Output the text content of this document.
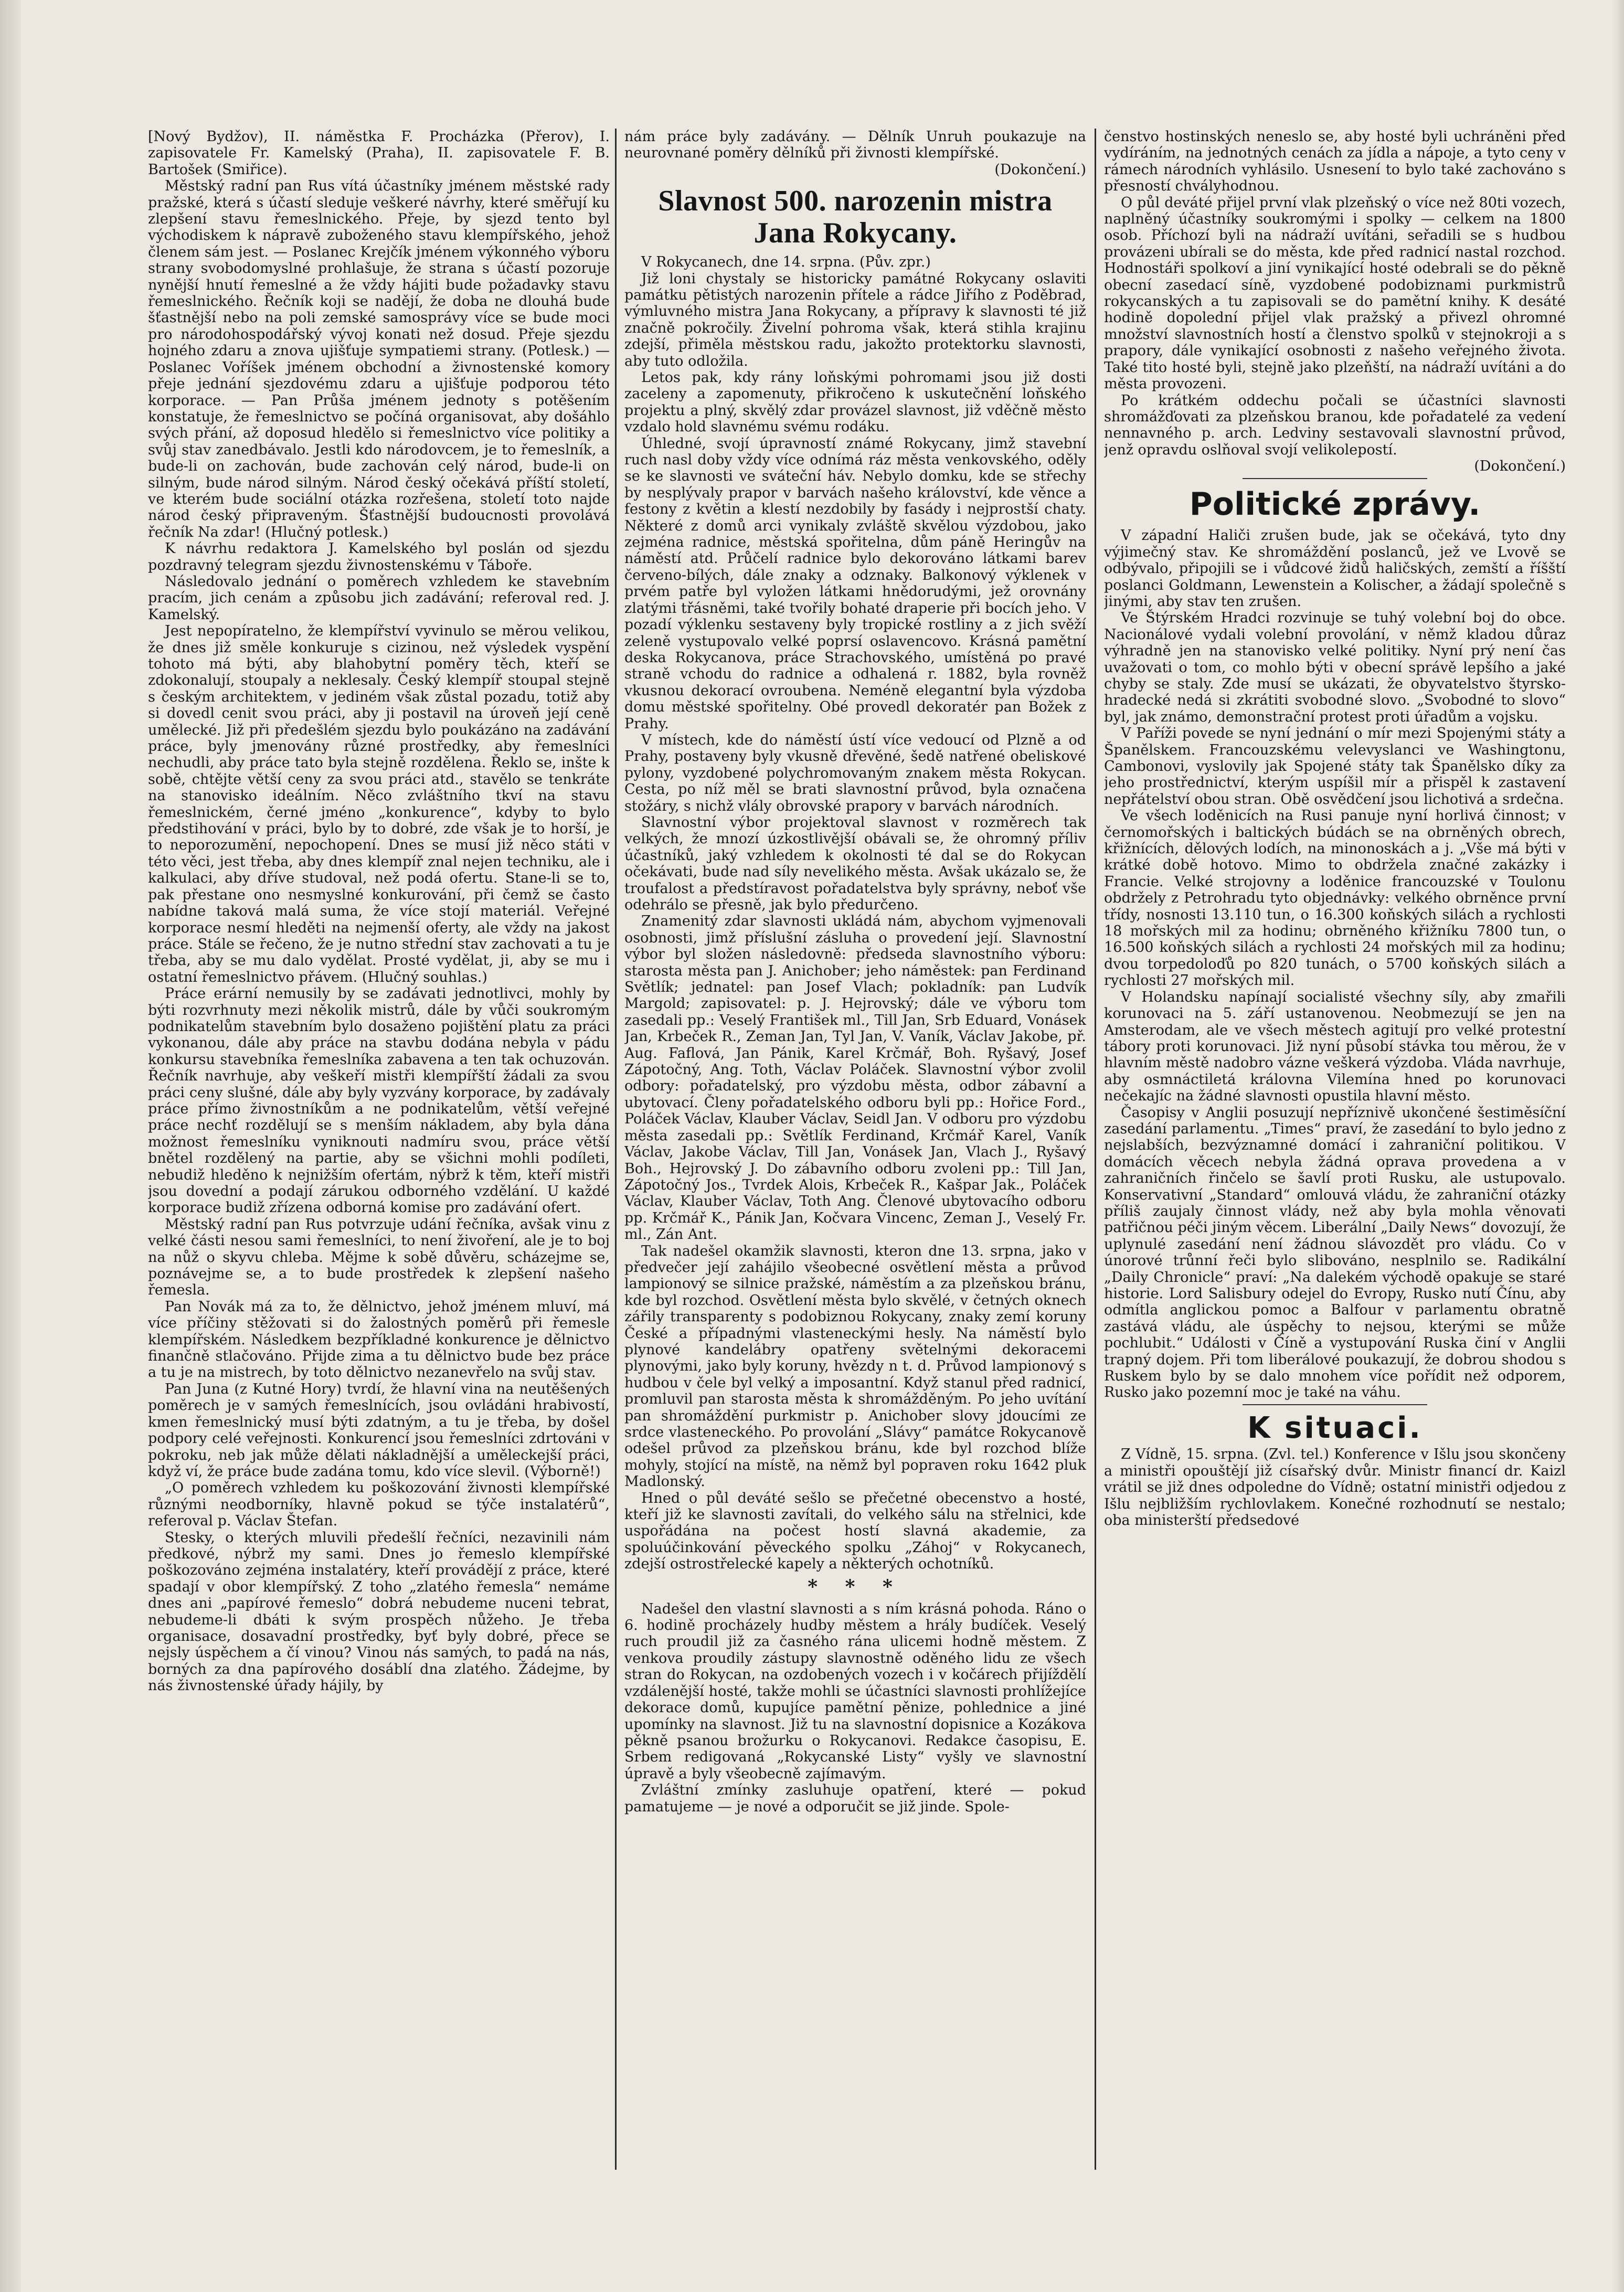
[Nový Bydžov), II. náměstka F. Procházka (Přerov), I. zapisovatele Fr. Kamelský (Praha), II. zapisovatele F. B. Bartošek (Smiřice).

Městský radní pan Rus vítá účastníky jménem městské rady pražské, která s účastí sleduje veškeré návrhy, které směřují ku zlepšení stavu řemeslnického. Přeje, by sjezd tento byl východiskem k nápravě zuboženého stavu klempířského, jehož členem sám jest. — Poslanec Krejčík jménem výkonného výboru strany svobodomyslné prohlašuje, že strana s účastí pozoruje nynější hnutí řemeslné a že vždy hájiti bude požadavky stavu řemeslnického. Řečník koji se nadějí, že doba ne dlouhá bude šťastnější nebo na poli zemské samosprávy více se bude moci pro národohospodářský vývoj konati než dosud. Přeje sjezdu hojného zdaru a znova ujišťuje sympatiemi strany. (Potlesk.) — Poslanec Voříšek jménem obchodní a živnostenské komory přeje jednání sjezdovému zdaru a ujišťuje podporou této korporace. — Pan Průša jménem jednoty s potěšením konstatuje, že řemeslnictvo se počíná organisovat, aby došáhlo svých přání, až doposud hledělo si řemeslnictvo více politiky a svůj stav zanedbávalo. Jestli kdo národovcem, je to řemeslník, a bude-li on zachován, bude zachován celý národ, bude-li on silným, bude národ silným. Národ český očekává příští století, ve kterém bude sociální otázka rozřešena, století toto najde národ český připraveným. Šťastnější budoucnosti provolává řečník Na zdar! (Hlučný potlesk.)

K návrhu redaktora J. Kamelského byl poslán od sjezdu pozdravný telegram sjezdu živnostenskému v Táboře.

Následovalo jednání o poměrech vzhledem ke stavebním pracím, jich cenám a způsobu jich zadávání; referoval red. J. Kamelský.

Jest nepopíratelno, že klempířství vyvinulo se měrou velikou, že dnes již směle konkuruje s cizinou, než výsledek vyspění tohoto má býti, aby blahobytní poměry těch, kteří se zdokonalují, stoupaly a neklesaly. Český klempíř stoupal stejně s českým architektem, v jediném však zůstal pozadu, totiž aby si dovedl cenit svou práci, aby ji postavil na úroveň její ceně umělecké. Již při předešlém sjezdu bylo poukázáno na zadávání práce, byly jmenovány různé prostředky, aby řemeslníci nechudli, aby práce tato byla stejně rozdělena. Řeklo se, inšte k sobě, chtějte větší ceny za svou práci atd., stavělo se tenkráte na stanovisko ideálním. Něco zvláštního tkví na stavu řemeslnickém, černé jméno „konkurence“, kdyby to bylo předstihování v práci, bylo by to dobré, zde však je to horší, je to neporozumění, nepochopení. Dnes se musí již něco státi v této věci, jest třeba, aby dnes klempíř znal nejen techniku, ale i kalkulaci, aby dříve studoval, než podá ofertu. Stane-li se to, pak přestane ono nesmyslné konkurování, při čemž se často nabídne taková malá suma, že více stojí materiál. Veřejné korporace nesmí hleděti na nejmenší oferty, ale vždy na jakost práce. Stále se řečeno, že je nutno střední stav zachovati a tu je třeba, aby se mu dalo vydělat. Prosté vydělat, ji, aby se mu i ostatní řemeslnictvo přávem. (Hlučný souhlas.)

Práce erární nemusily by se zadávati jednotlivci, mohly by býti rozvrhnuty mezi několik mistrů, dále by vůči soukromým podnikatelům stavebním bylo dosaženo pojištění platu za práci vykonanou, dále aby práce na stavbu dodána nebyla v pádu konkursu stavebníka řemeslníka zabavena a ten tak ochuzován. Řečník navrhuje, aby veškeří mistři klempířští žádali za svou práci ceny slušné, dále aby byly vyzvány korporace, by zadávaly práce přímo živnostníkům a ne podnikatelům, větší veřejné práce nechť rozdělují se s menším nákladem, aby byla dána možnost řemeslníku vyniknouti nadmíru svou, práce větší bnětel rozdělený na partie, aby se všichni mohli podíleti, nebudiž hleděno k nejnižším ofertám, nýbrž k těm, kteří mistři jsou dovední a podají zárukou odborného vzdělání. U každé korporace budiž zřízena odborná komise pro zadávání ofert.

Městský radní pan Rus potvrzuje udání řečníka, avšak vinu z velké části nesou sami řemeslníci, to není živoření, ale je to boj na nůž o skyvu chleba. Mějme k sobě důvěru, scházejme se, poznávejme se, a to bude prostředek k zlepšení našeho řemesla.

Pan Novák má za to, že dělnictvo, jehož jménem mluví, má více příčiny stěžovati si do žalostných poměrů při řemesle klempířském. Následkem bezpříkladné konkurence je dělnictvo finančně stlačováno. Přijde zima a tu dělnictvo bude bez práce a tu je na mistrech, by toto dělnictvo nezanevřelo na svůj stav.

Pan Juna (z Kutné Hory) tvrdí, že hlavní vina na neutěšených poměrech je v samých řemeslnících, jsou ovládáni hrabivostí, kmen řemeslnický musí býti zdatným, a tu je třeba, by došel podpory celé veřejnosti. Konkurencí jsou řemeslníci zdrtováni v pokroku, neb jak může dělati nákladnější a uměleckejší práci, když ví, že práce bude zadána tomu, kdo více slevil. (Výborně!)

„O poměrech vzhledem ku poškozování živnosti klempířské různými neodborníky, hlavně pokud se týče instalatérů“, referoval p. Václav Štefan.

Stesky, o kterých mluvili předešlí řečníci, nezavinili nám předkové, nýbrž my sami. Dnes jo řemeslo klempířské poškozováno zejména instalatéry, kteří provádějí z práce, které spadají v obor klempířský. Z toho „zlatého řemesla“ nemáme dnes ani „papírové řemeslo“ dobrá nebudeme nuceni tebrat, nebudeme-li dbáti k svým prospěch nůžeho. Je třeba organisace, dosavadní prostředky, byť byly dobré, přece se nejsly úspěchem a čí vinou? Vinou nás samých, to padá na nás, borných za dna papírového dosáblí dna zlatého. Žádejme, by nás živnostenské úřady hájily, by

nám práce byly zadávány. — Dělník Unruh poukazuje na neurovnané poměry dělníků při živnosti klempířské.

(Dokončení.)

Slavnost 500. narozenin mistra Jana Rokycany.

V Rokycanech, dne 14. srpna. (Pův. zpr.)

Již loni chystaly se historicky památné Rokycany oslaviti památku pětistých narozenin přítele a rádce Jiřího z Poděbrad, výmluvného mistra Jana Rokycany, a přípravy k slavnosti té již značně pokročily. Živelní pohroma však, která stihla krajinu zdejší, přiměla městskou radu, jakožto protektorku slavnosti, aby tuto odložila.

Letos pak, kdy rány loňskými pohromami jsou již dosti zaceleny a zapomenuty, přikročeno k uskutečnění loňského projektu a plný, skvělý zdar provázel slavnost, již vděčně město vzdalo hold slavnému svému rodáku.

Úhledné, svojí úpravností známé Rokycany, jimž stavební ruch nasl doby vždy více odnímá ráz města venkovského, oděly se ke slavnosti ve sváteční háv. Nebylo domku, kde se střechy by nesplývaly prapor v barvách našeho království, kde věnce a festony z květin a klestí nezdobily by fasády i nejprostší chaty. Některé z domů arci vynikaly zvláště skvělou výzdobou, jako zejména radnice, městská spořitelna, dům páně Heringův na náměstí atd. Průčelí radnice bylo dekorováno látkami barev červeno-bílých, dále znaky a odznaky. Balkonový výklenek v prvém patře byl vyložen látkami hnědorudými, jež orovnány zlatými třásněmi, také tvořily bohaté draperie při bocích jeho. V pozadí výklenku sestaveny byly tropické rostliny a z jich svěží zeleně vystupovalo velké poprsí oslavencovo. Krásná pamětní deska Rokycanova, práce Strachovského, umístěná po pravé straně vchodu do radnice a odhalená r. 1882, byla rovněž vkusnou dekorací ovroubena. Neméně elegantní byla výzdoba domu městské spořitelny. Obé provedl dekoratér pan Božek z Prahy.

V místech, kde do náměstí ústí více vedoucí od Plzně a od Prahy, postaveny byly vkusně dřevěné, šedě natřené obeliskové pylony, vyzdobené polychromovaným znakem města Rokycan. Cesta, po níž měl se brati slavnostní průvod, byla označena stožáry, s nichž vlály obrovské prapory v barvách národních.

Slavnostní výbor projektoval slavnost v rozměrech tak velkých, že mnozí úzkostlivější obávali se, že ohromný příliv účastníků, jaký vzhledem k okolnosti té dal se do Rokycan očekávati, bude nad síly nevelikého města. Avšak ukázalo se, že troufalost a předstíravost pořadatelstva byly správny, neboť vše odehrálo se přesně, jak bylo předurčeno.

Znamenitý zdar slavnosti ukládá nám, abychom vyjmenovali osobnosti, jimž příslušní zásluha o provedení její. Slavnostní výbor byl složen následovně: předseda slavnostního výboru: starosta města pan J. Anichober; jeho náměstek: pan Ferdinand Světlík; jednatel: pan Josef Vlach; pokladník: pan Ludvík Margold; zapisovatel: p. J. Hejrovský; dále ve výboru tom zasedali pp.: Veselý František ml., Till Jan, Srb Eduard, Vonásek Jan, Krbeček R., Zeman Jan, Tyl Jan, V. Vaník, Václav Jakobe, př. Aug. Faflová, Jan Pánik, Karel Krčmář, Boh. Ryšavý, Josef Zápotočný, Ang. Toth, Václav Poláček. Slavnostní výbor zvolil odbory: pořadatelský, pro výzdobu města, odbor zábavní a ubytovací. Členy pořadatelského odboru byli pp.: Hořice Ford., Poláček Václav, Klauber Václav, Seidl Jan. V odboru pro výzdobu města zasedali pp.: Světlík Ferdinand, Krčmář Karel, Vaník Václav, Jakobe Václav, Till Jan, Vonásek Jan, Vlach J., Ryšavý Boh., Hejrovský J. Do zábavního odboru zvoleni pp.: Till Jan, Zápotočný Jos., Tvrdek Alois, Krbeček R., Kašpar Jak., Poláček Václav, Klauber Václav, Toth Ang. Členové ubytovacího odboru pp. Krčmář K., Pánik Jan, Kočvara Vincenc, Zeman J., Veselý Fr. ml., Zán Ant.

Tak nadešel okamžik slavnosti, kteron dne 13. srpna, jako v předvečer její zahájilo všeobecné osvětlení města a průvod lampionový se silnice pražské, náměstím a za plzeňskou bránu, kde byl rozchod. Osvětlení města bylo skvělé, v četných oknech zářily transparenty s podobiznou Rokycany, znaky zemí koruny České a případnými vlasteneckými hesly. Na náměstí bylo plynové kandelábry opatřeny světelnými dekoracemi plynovými, jako byly koruny, hvězdy n t. d. Průvod lampionový s hudbou v čele byl velký a imposantní. Když stanul před radnicí, promluvil pan starosta města k shromážděným. Po jeho uvítání pan shromáždění purkmistr p. Anichober slovy jdoucími ze srdce vlasteneckého. Po provolání „Slávy“ památce Rokycanově odešel průvod za plzeňskou bránu, kde byl rozchod blíže mohyly, stojící na místě, na němž byl popraven roku 1642 pluk Madlonský.

Hned o půl deváté sešlo se přečetné obecenstvo a hosté, kteří již ke slavnosti zavítali, do velkého sálu na střelnici, kde uspořádána na počest hostí slavná akademie, za spoluúčinkování pěveckého spolku „Záhoj“ v Rokycanech, zdejší ostrostřelecké kapely a některých ochotníků.

* * *

Nadešel den vlastní slavnosti a s ním krásná pohoda. Ráno o 6. hodině procházely hudby městem a hrály budíček. Veselý ruch proudil již za časného rána ulicemi hodně městem. Z venkova proudily zástupy slavnostně oděného lidu ze všech stran do Rokycan, na ozdobených vozech i v kočárech přijíždělí vzdálenější hosté, takže mohli se účastníci slavnosti prohlížejíce dekorace domů, kupujíce pamětní pěnize, pohlednice a jiné upomínky na slavnost. Již tu na slavnostní dopisnice a Kozákova pěkně psanou brožurku o Rokycanovi. Redakce časopisu, E. Srbem redigovaná „Rokycanské Listy“ vyšly ve slavnostní úpravě a byly všeobecně zajímavým.

Zvláštní zmínky zasluhuje opatření, které — pokud pamatujeme — je nové a odporučit se již jinde. Spole-

čenstvo hostinských neneslo se, aby hosté byli uchráněni před vydíráním, na jednotných cenách za jídla a nápoje, a tyto ceny v rámech národních vyhlásilo. Usnesení to bylo také zachováno s přesností chvályhodnou.

O půl deváté přijel první vlak plzeňský o více než 80ti vozech, naplněný účastníky soukromými i spolky — celkem na 1800 osob. Příchozí byli na nádraží uvítáni, seřadili se s hudbou provázeni ubírali se do města, kde před radnicí nastal rozchod. Hodnostáři spolkoví a jiní vynikající hosté odebrali se do pěkně obecní zasedací síně, vyzdobené podobiznami purkmistrů rokycanských a tu zapisovali se do pamětní knihy. K desáté hodině dopolední přijel vlak pražský a přivezl ohromné množství slavnostních hostí a členstvo spolků v stejnokroji a s prapory, dále vynikající osobnosti z našeho veřejného života. Také tito hosté byli, stejně jako plzeňští, na nádraží uvítáni a do města provozeni.

Po krátkém oddechu počali se účastníci slavnosti shromážďovati za plzeňskou branou, kde pořadatelé za vedení nennavného p. arch. Ledviny sestavovali slavnostní průvod, jenž opravdu oslňoval svojí velikolepostí.

(Dokončení.)

Politické zprávy.

V západní Haliči zrušen bude, jak se očekává, tyto dny výjimečný stav. Ke shromáždění poslanců, jež ve Lvově se odbývalo, připojili se i vůdcové židů haličských, zemští a říšští poslanci Goldmann, Lewenstein a Kolischer, a žádají společně s jinými, aby stav ten zrušen.

Ve Štýrském Hradci rozvinuje se tuhý volební boj do obce. Nacionálové vydali volební provolání, v němž kladou důraz výhradně jen na stanovisko velké politiky. Nyní prý není čas uvažovati o tom, co mohlo býti v obecní správě lepšího a jaké chyby se staly. Zde musí se ukázati, že obyvatelstvo štyrsko-hradecké nedá si zkrátiti svobodné slovo. „Svobodné to slovo“ byl, jak známo, demonstrační protest proti úřadům a vojsku.

V Paříži povede se nyní jednání o mír mezi Spojenými státy a Španělskem. Francouzskému velevyslanci ve Washingtonu, Cambonovi, vyslovily jak Spojené státy tak Španělsko díky za jeho prostřednictví, kterým uspíšil mír a přispěl k zastavení nepřátelství obou stran. Obě osvědčení jsou lichotivá a srdečna.

Ve všech loděnicích na Rusi panuje nyní horlivá činnost; v černomořských i baltických búdách se na obrněných obrech, křižnících, dělových lodích, na minonoskách a j. „Vše má býti v krátké době hotovo. Mimo to obdržela značné zakázky i Francie. Velké strojovny a loděnice francouzské v Toulonu obdržely z Petrohradu tyto objednávky: velkého obrněnce první třídy, nosnosti 13.110 tun, o 16.300 koňských silách a rychlosti 18 mořských mil za hodinu; obrněného křižníku 7800 tun, o 16.500 koňských silách a rychlosti 24 mořských mil za hodinu; dvou torpedoloďů po 820 tunách, o 5700 koňských silách a rychlosti 27 mořských mil.

V Holandsku napínají socialisté všechny síly, aby zmařili korunovaci na 5. září ustanovenou. Neobmezují se jen na Amsterodam, ale ve všech městech agitují pro velké protestní tábory proti korunovaci. Již nyní působí stávka tou měrou, že v hlavním městě nadobro vázne veškerá výzdoba. Vláda navrhuje, aby osmnáctiletá královna Vilemína hned po korunovaci nečekajíc na žádné slavnosti opustila hlavní město.

Časopisy v Anglii posuzují nepříznivě ukončené šestiměsíční zasedání parlamentu. „Times“ praví, že zasedání to bylo jedno z nejslabších, bezvýznamné domácí i zahraniční politikou. V domácích věcech nebyla žádná oprava provedena a v zahraničních řinčelo se šavlí proti Rusku, ale ustupovalo. Konservativní „Standard“ omlouvá vládu, že zahraniční otázky příliš zaujaly činnost vlády, než aby byla mohla věnovati patřičnou péči jiným věcem. Liberální „Daily News“ dovozují, že uplynulé zasedání není žádnou slávozdět pro vládu. Co v únorové trůnní řeči bylo slibováno, nesplnilo se. Radikální „Daily Chronicle“ praví: „Na dalekém východě opakuje se staré historie. Lord Salisbury odejel do Evropy, Rusko nutí Čínu, aby odmítla anglickou pomoc a Balfour v parlamentu obratně zastává vládu, ale úspěchy to nejsou, kterými se může pochlubit.“ Události v Číně a vystupování Ruska činí v Anglii trapný dojem. Při tom liberálové poukazují, že dobrou shodou s Ruskem bylo by se dalo mnohem více pořídit než odporem, Rusko jako pozemní moc je také na váhu.

K situaci.

Z Vídně, 15. srpna. (Zvl. tel.) Konference v Išlu jsou skončeny a ministři opouštějí již císařský dvůr. Ministr financí dr. Kaizl vrátil se již dnes odpoledne do Vídně; ostatní ministři odjedou z Išlu nejbližším rychlovlakem. Konečné rozhodnutí se nestalo; oba ministerští předsedové
